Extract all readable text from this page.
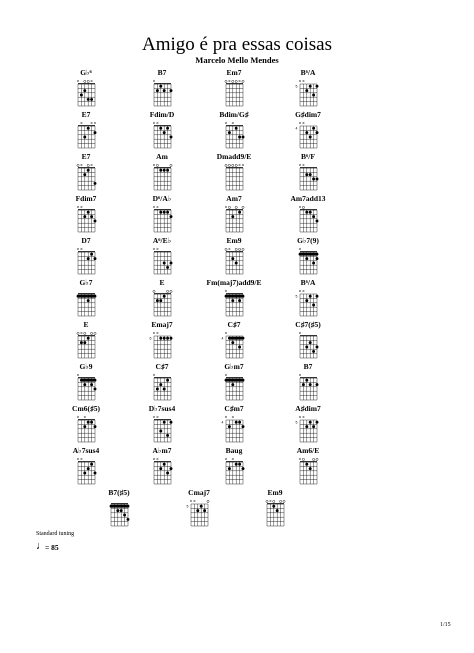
Amigo é pra essas coisas
Marcelo Mello Mendes
G♭⁶
× ×
B7
×
Em7
× ×
B⁶/A
× ×
5
E7
× × ×
Fdim/D
× ×
Bdim/G♯
× ×
G♯dim7
× ×
4
E7
× ×
Am
×
Dmadd9/E
× ×
B⁶/F
× ×
Fdim7
× ×
D⁶/A♭
× ×
Am7
×
Am7add13
×
D7
× ×
A⁶/E♭
× ×
Em9
×
G♭7(9)
×
G♭7	E	Fm(maj7)add9/E
×
B⁶/A
× ×
5
E
×
Emaj7
× ×
6
C♯7
×
4
C♯7(♯5)
×
G♭9
×
C♯7
×
G♭m7
×
B7
×
Cm6(♯5)
× ×
D♭7sus4
× ×
C♯m7
× ×
4
A♯dim7
× ×
5
A♭7sus4
× ×
A♭m7
× ×
Baug
× ×
Am6/E
×
B7(♯5)	Cmaj7
× ×
5
Em9
×
Standard tuning
♩
= 85
1/15
